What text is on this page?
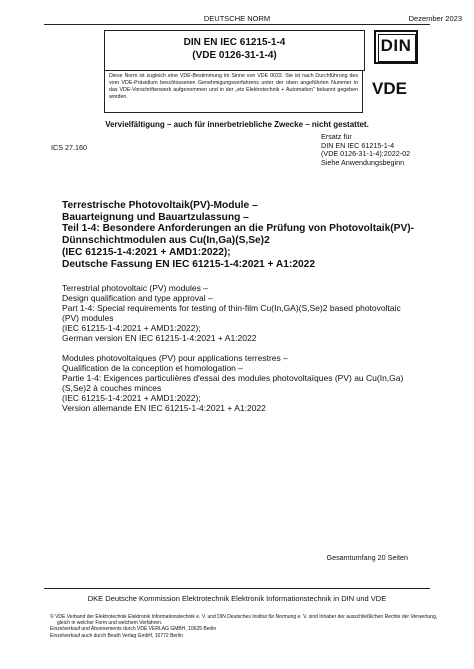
DEUTSCHE NORM	Dezember 2023
DIN EN IEC 61215-1-4
(VDE 0126-31-1-4)
DIN
Diese Norm ist zugleich eine VDE-Bestimmung im Sinne von VDE 0022. Sie ist nach Durchführung des vom VDE-Präsidium beschlossenen Genehmigungsverfahrens unter der oben angeführten Nummer in das VDE-Vorschriftenwerk aufgenommen und in der „etz Elektrotechnik + Automation" bekannt gegeben worden.	VDE
Vervielfältigung – auch für innerbetriebliche Zwecke – nicht gestattet.
ICS 27.160
Ersatz für
DIN EN IEC 61215-1-4
(VDE 0126-31-1-4):2022-02
Siehe Anwendungsbeginn
Terrestrische Photovoltaik(PV)-Module –
Bauarteignung und Bauartzulassung –
Teil 1-4: Besondere Anforderungen an die Prüfung von Photovoltaik(PV)-
Dünnschichtmodulen aus Cu(In,Ga)(S,Se)2
(IEC 61215-1-4:2021 + AMD1:2022);
Deutsche Fassung EN IEC 61215-1-4:2021 + A1:2022
Terrestrial photovoltaic (PV) modules –
Design qualification and type approval –
Part 1-4: Special requirements for testing of thin-film Cu(In,GA)(S,Se)2 based photovoltaic
(PV) modules
(IEC 61215-1-4:2021 + AMD1:2022);
German version EN IEC 61215-1-4:2021 + A1:2022
Modules photovoltaïques (PV) pour applications terrestres –
Qualification de la conception et homologation –
Partie 1-4: Exigences particulières d'essai des modules photovoltaïques (PV) au Cu(In,Ga)
(S,Se)2 à couches minces
(IEC 61215-1-4:2021 + AMD1:2022);
Version allemande EN IEC 61215-1-4:2021 + A1:2022
Gesamtumfang 20 Seiten
DKE Deutsche Kommission Elektrotechnik Elektronik Informationstechnik in DIN und VDE
© VDE Verband der Elektrotechnik Elektronik Informationstechnik e. V. und DIN Deutsches Institut für Normung e. V. sind Inhaber der ausschließlichen Rechte der Verwertung,
gleich in welcher Form und welchem Verfahren.
Einzelverkauf und Abonnements durch VDE VERLAG GMBH, 10625 Berlin
Einzelverkauf auch durch Beuth Verlag GmbH, 10772 Berlin
